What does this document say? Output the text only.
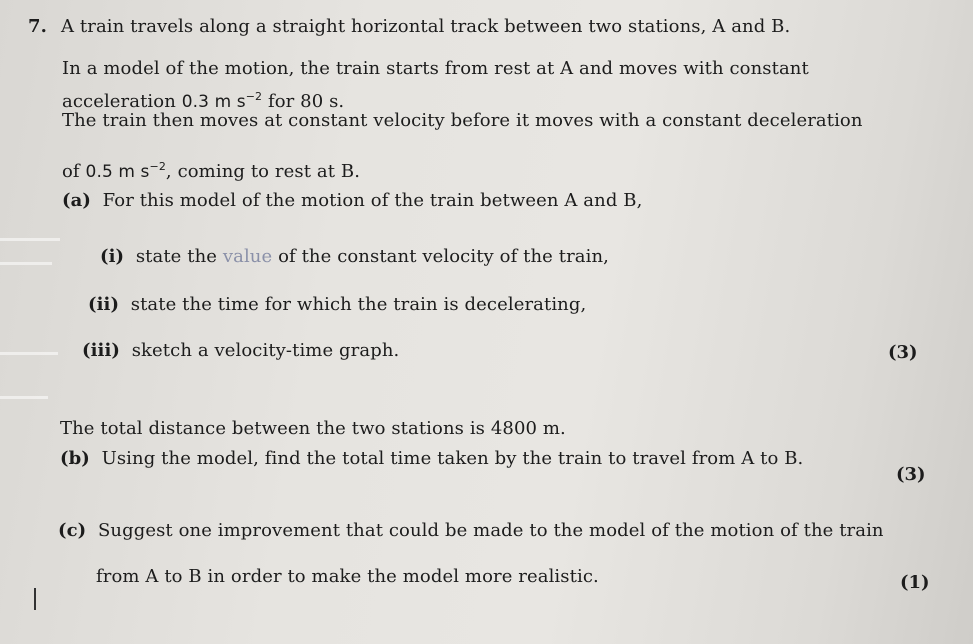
7. A train travels along a straight horizontal track between two stations, A and B.
In a model of the motion, the train starts from rest at A and moves with constant
acceleration 0.3 m $s^{-2}$ for 80 s.
The train then moves at constant velocity before it moves with a constant deceleration
of 0.5 m $s^{-2}$, coming to rest at B.
(a) For this model of the motion of the train between A and B,
(i) state the value of the constant velocity of the train,
(ii) state the time for which the train is decelerating,
(iii) sketch a velocity-time graph.	(3)
The total distance between the two stations is 4800 m.
(b) Using the model, find the total time taken by the train to travel from A to B.
(3)
(c) Suggest one improvement that could be made to the model of the motion of the train
from A to B in order to make the model more realistic.	(1)
